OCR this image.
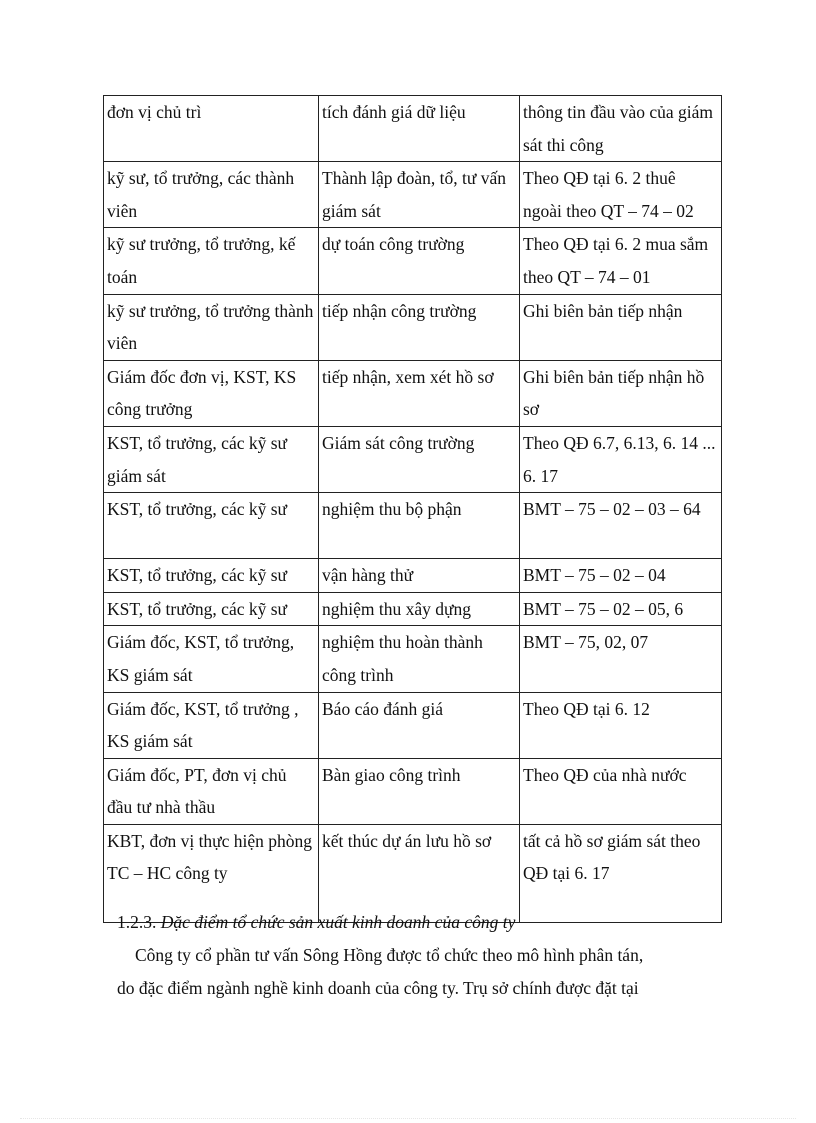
đơn vị chủ trì	tích đánh giá dữ liệu	thông tin đầu vào của giám sát thi công
kỹ sư, tổ trưởng, các thành viên	Thành lập đoàn, tổ, tư vấn giám sát	Theo QĐ tại 6. 2 thuê ngoài theo QT – 74 – 02
kỹ sư trưởng, tổ trưởng, kế toán	dự toán công trường	Theo QĐ tại 6. 2 mua sắm theo QT – 74 – 01
kỹ sư trưởng, tổ trưởng thành viên	tiếp nhận công trường	Ghi biên bản tiếp nhận
Giám đốc đơn vị, KST, KS công trưởng	tiếp nhận, xem xét hồ sơ	Ghi biên bản tiếp nhận hồ sơ
KST, tổ trưởng, các kỹ sư giám sát	Giám sát công trường	Theo QĐ 6.7, 6.13, 6. 14 ... 6. 17
KST, tổ trưởng, các kỹ sư	nghiệm thu bộ phận	BMT – 75 – 02 – 03 – 64
KST, tổ trưởng, các kỹ sư	vận hàng thử	BMT – 75 – 02 – 04
KST, tổ trưởng, các kỹ sư	nghiệm thu xây dựng	BMT – 75 – 02 – 05, 6
Giám đốc, KST, tổ trưởng, KS giám sát	nghiệm thu hoàn thành công trình	BMT – 75, 02, 07
Giám đốc, KST, tổ trưởng , KS giám sát	Báo cáo đánh giá	Theo QĐ tại 6. 12
Giám đốc, PT, đơn vị chủ đầu tư nhà thầu	Bàn giao công trình	Theo QĐ của nhà nước
KBT, đơn vị thực hiện phòng TC – HC công ty	kết thúc dự án lưu hồ sơ	tất cả hồ sơ giám sát theo QĐ tại 6. 17
1.2.3. Đặc điểm tổ chức sản xuất kinh doanh của công ty
Công ty cổ phần tư vấn Sông Hồng được tổ chức theo mô hình phân tán,
do đặc điểm ngành nghề kinh doanh của công ty. Trụ sở chính được đặt tại
